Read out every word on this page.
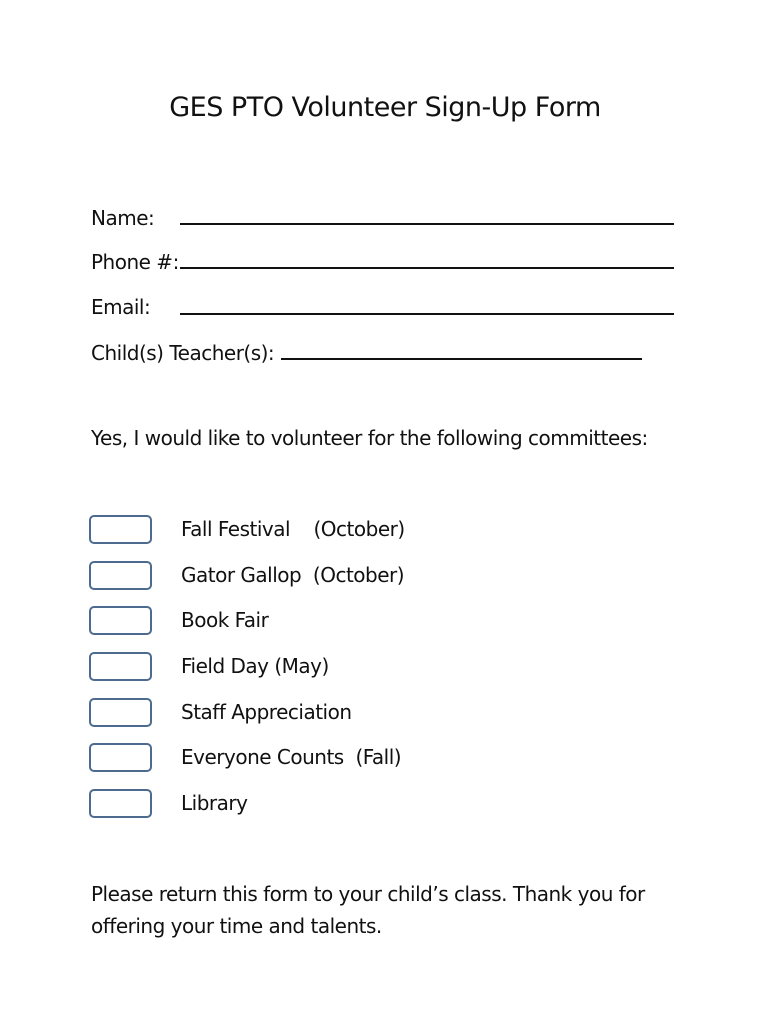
GES PTO Volunteer Sign-Up Form
Name:
Phone #:
Email:
Child(s) Teacher(s):
Yes, I would like to volunteer for the following committees:
Fall Festival    (October)
Gator Gallop  (October)
Book Fair
Field Day (May)
Staff Appreciation
Everyone Counts  (Fall)
Library
Please return this form to your child’s class. Thank you for
offering your time and talents.
